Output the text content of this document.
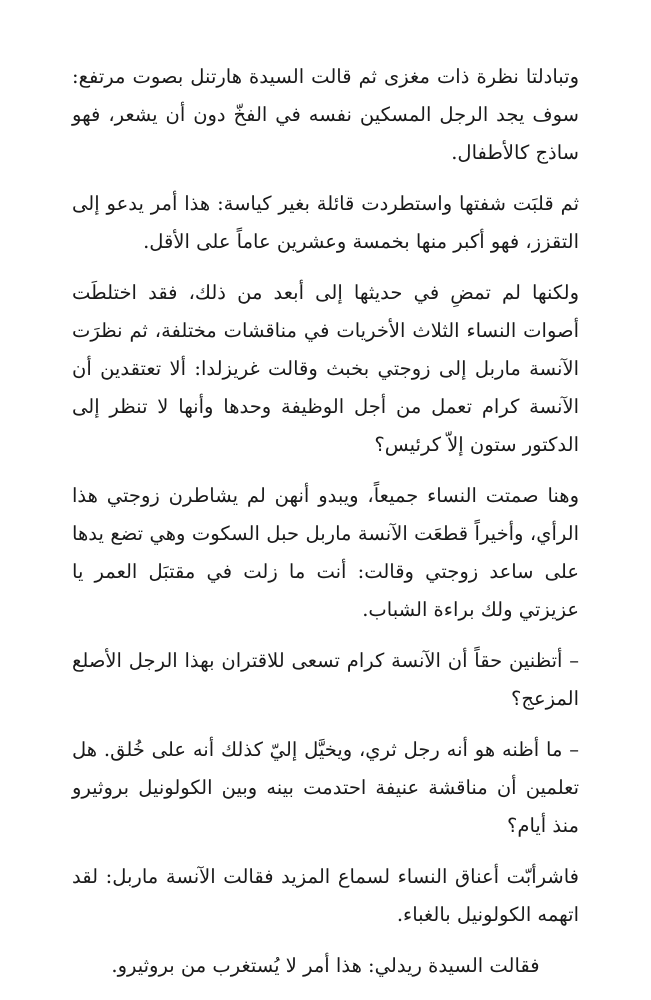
وتبادلتا نظرة ذات مغزى ثم قالت السيدة هارتنل بصوت مرتفع: سوف يجد الرجل المسكين نفسه في الفخّ دون أن يشعر، فهو ساذج كالأطفال.

ثم قلبَت شفتها واستطردت قائلة بغير كياسة: هذا أمر يدعو إلى التقزز، فهو أكبر منها بخمسة وعشرين عاماً على الأقل.

ولكنها لم تمضِ في حديثها إلى أبعد من ذلك، فقد اختلطَت أصوات النساء الثلاث الأخريات في مناقشات مختلفة، ثم نظرَت الآنسة ماربل إلى زوجتي بخبث وقالت غريزلدا: ألا تعتقدين أن الآنسة كرام تعمل من أجل الوظيفة وحدها وأنها لا تنظر إلى الدكتور ستون إلاّ كرئيس؟

وهنا صمتت النساء جميعاً، ويبدو أنهن لم يشاطرن زوجتي هذا الرأي، وأخيراً قطعَت الآنسة ماربل حبل السكوت وهي تضع يدها على ساعد زوجتي وقالت: أنت ما زلت في مقتبَل العمر يا عزيزتي ولك براءة الشباب.

– أتظنين حقاً أن الآنسة كرام تسعى للاقتران بهذا الرجل الأصلع المزعج؟

– ما أظنه هو أنه رجل ثري، ويخيَّل إليّ كذلك أنه على خُلق. هل تعلمين أن مناقشة عنيفة احتدمت بينه وبين الكولونيل بروثيرو منذ أيام؟

فاشرأبّت أعناق النساء لسماع المزيد فقالت الآنسة ماربل: لقد اتهمه الكولونيل بالغباء.

فقالت السيدة ريدلي: هذا أمر لا يُستغرب من بروثيرو.
